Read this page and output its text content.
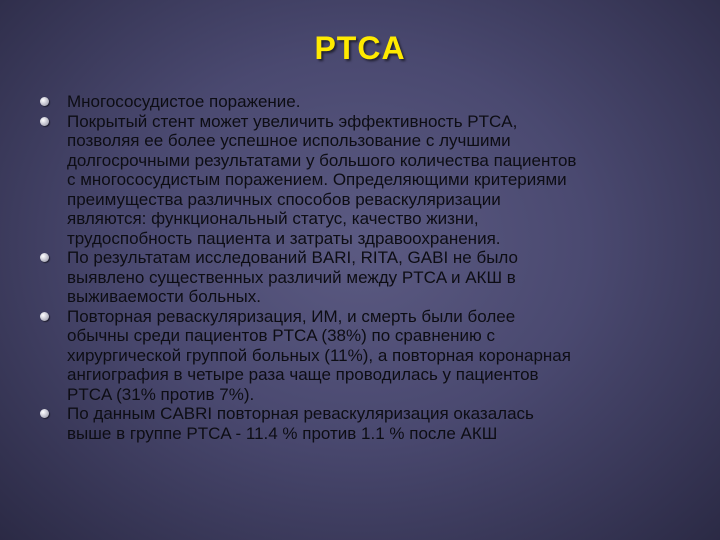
PTCA
Многососудистое поражение.
Покрытый стент может увеличить эффективность PTCA,
позволяя ее более успешное использование с лучшими
долгосрочными результатами у большого количества пациентов
с многососудистым поражением. Определяющими критериями
преимущества различных способов реваскуляризации
являются: функциональный статус, качество жизни,
трудоспобность пациента и затраты здравоохранения.
По результатам исследований BARI, RITA, GABI не было
выявлено существенных различий между PTCA и АКШ в
выживаемости больных.
Повторная реваскуляризация, ИМ, и смерть были более
обычны среди пациентов PTCA (38%) по сравнению с
хирургической группой больных (11%), а повторная коронарная
ангиография в четыре раза чаще проводилась у пациентов
PTCA (31% против 7%).
По данным CABRI повторная реваскуляризация оказалась
выше в группе PTCA - 11.4 % против 1.1 % после АКШ
